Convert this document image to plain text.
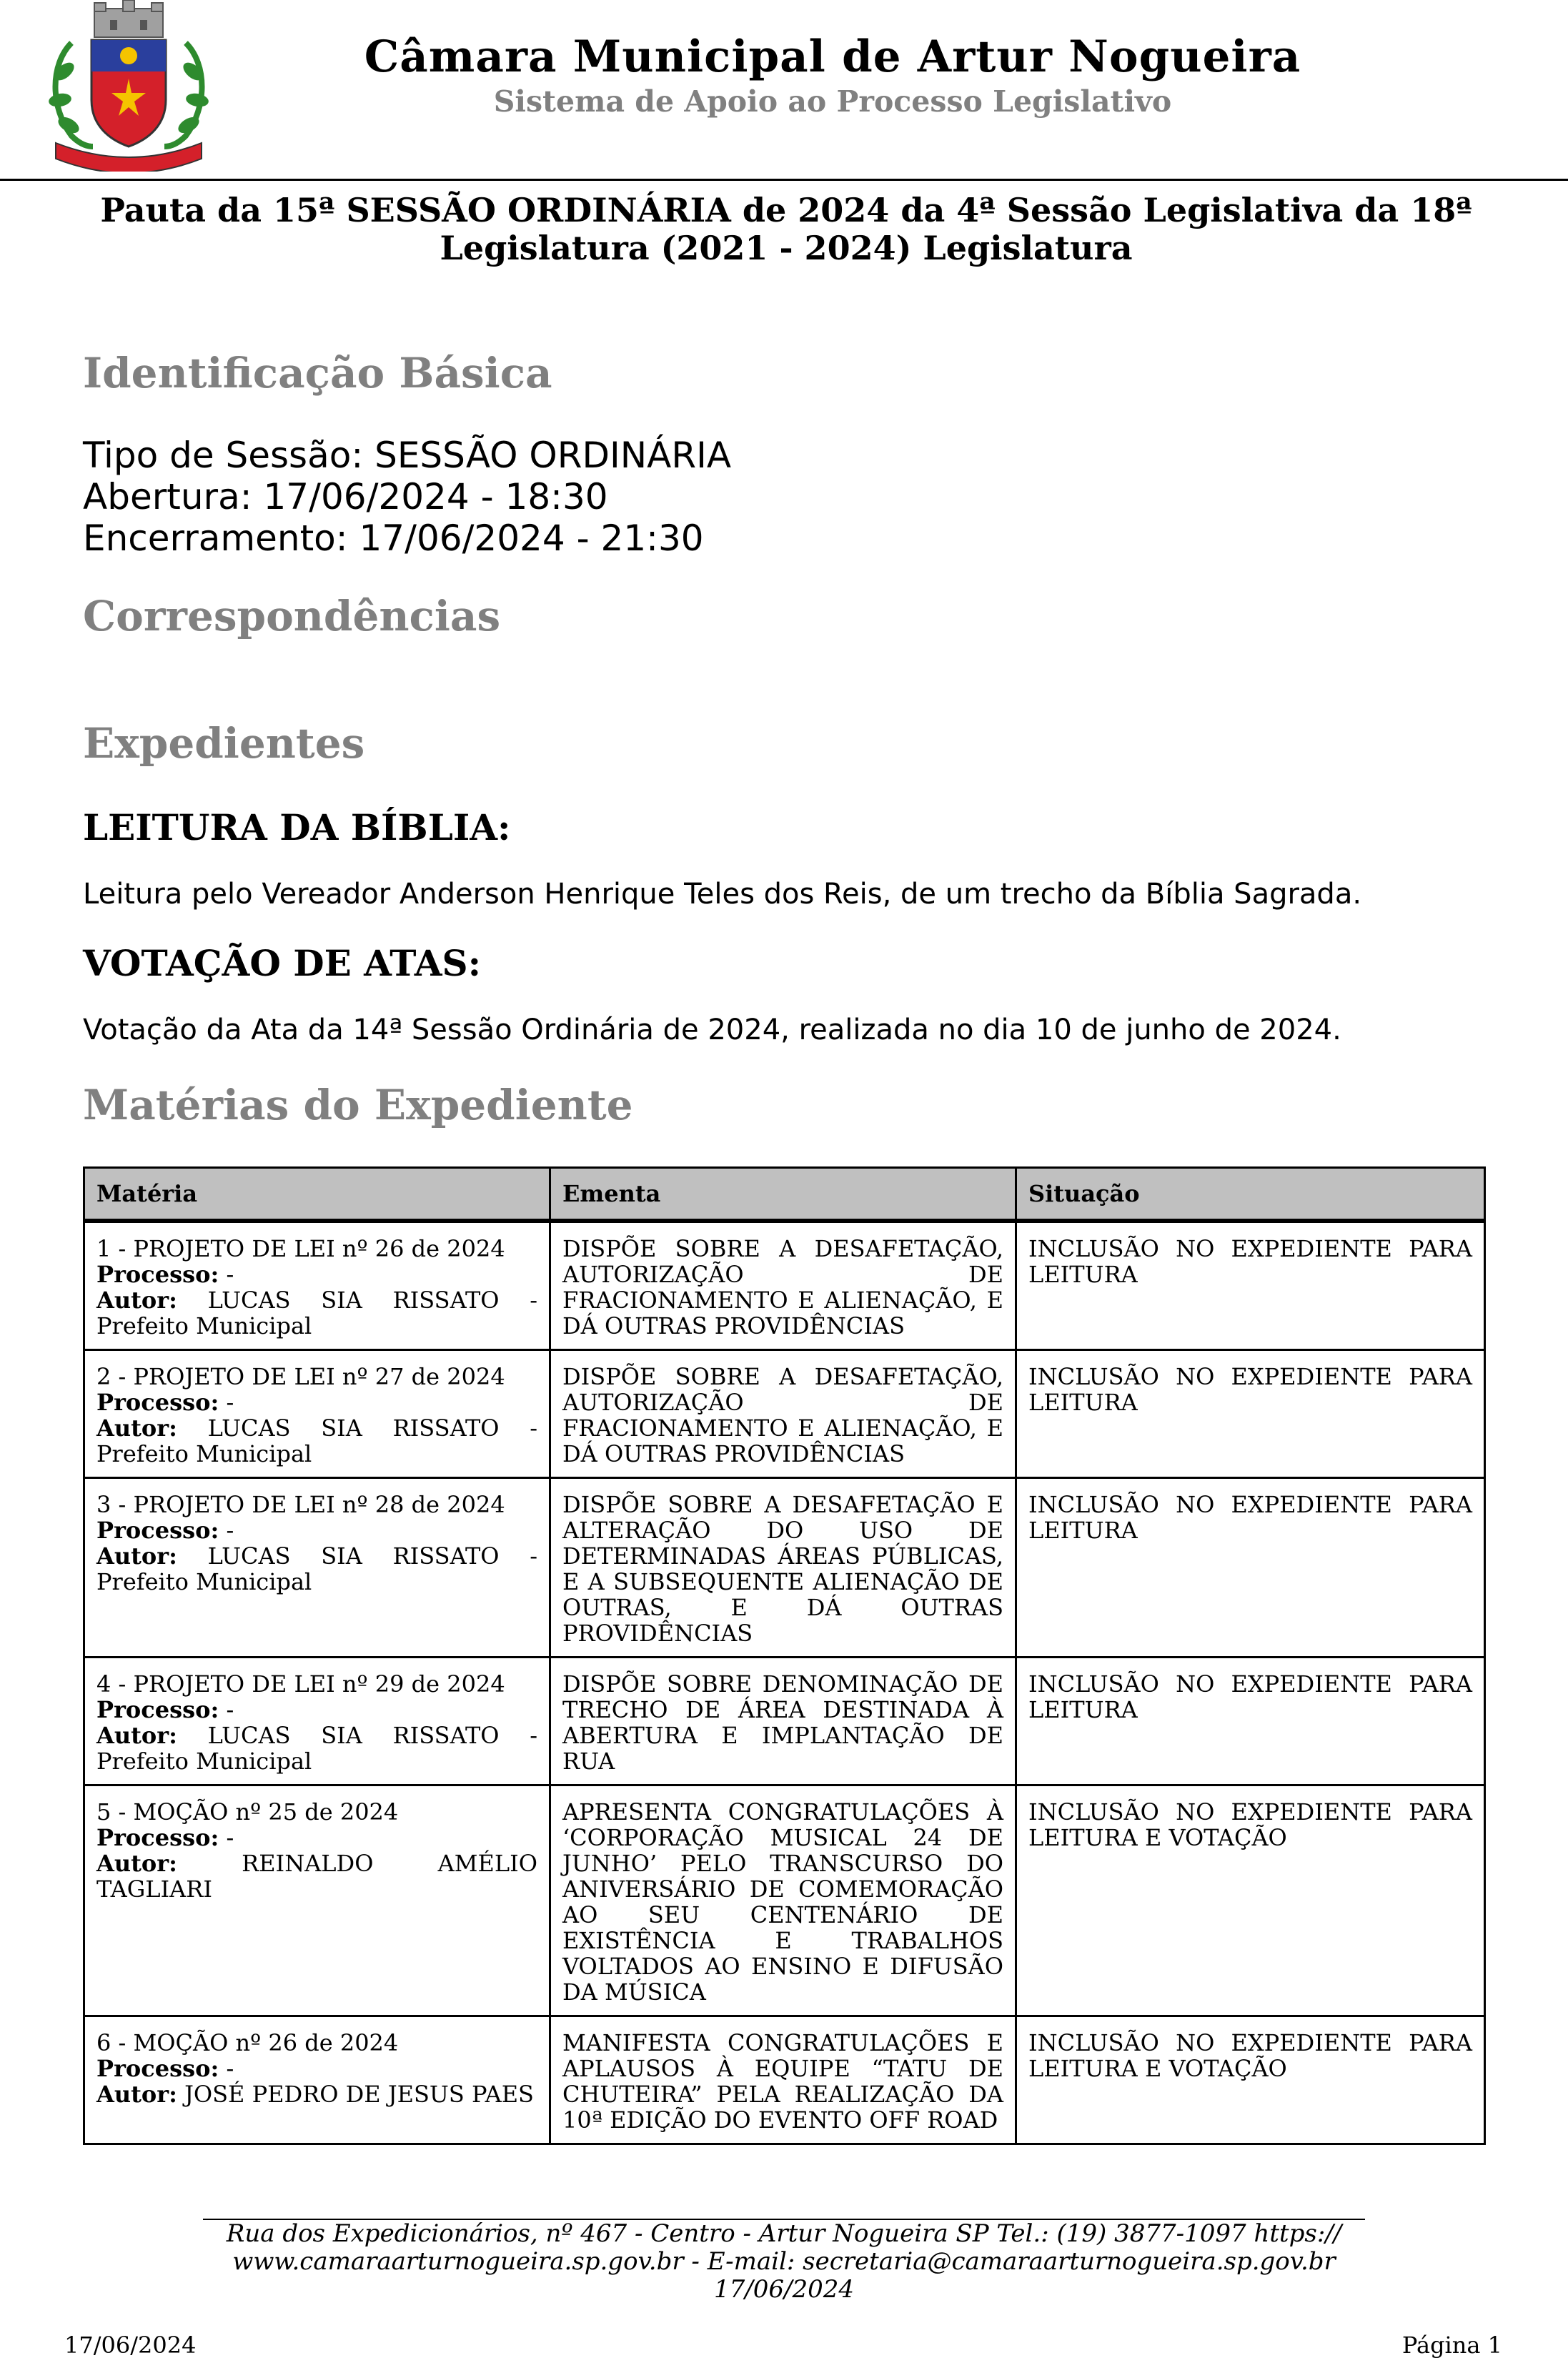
Câmara Municipal de Artur Nogueira
Sistema de Apoio ao Processo Legislativo
Pauta da 15ª SESSÃO ORDINÁRIA de 2024 da 4ª Sessão Legislativa da 18ª
Legislatura (2021 - 2024) Legislatura
Identificação Básica
Tipo de Sessão: SESSÃO ORDINÁRIA
Abertura: 17/06/2024 - 18:30
Encerramento: 17/06/2024 - 21:30
Correspondências
Expedientes
LEITURA DA BÍBLIA:
Leitura pelo Vereador Anderson Henrique Teles dos Reis, de um trecho da Bíblia Sagrada.
VOTAÇÃO DE ATAS:
Votação da Ata da 14ª Sessão Ordinária de 2024, realizada no dia 10 de junho de 2024.
Matérias do Expediente
Matéria	Ementa	Situação

1 - PROJETO DE LEI nº 26 de 2024
Processo: -
Autor: LUCAS SIA RISSATO - Prefeito Municipal	DISPÕE SOBRE A DESAFETAÇÃO, AUTORIZAÇÃO DE FRACIONAMENTO E ALIENAÇÃO, E DÁ OUTRAS PROVIDÊNCIAS	INCLUSÃO NO EXPEDIENTE PARA LEITURA

2 - PROJETO DE LEI nº 27 de 2024
Processo: -
Autor: LUCAS SIA RISSATO - Prefeito Municipal	DISPÕE SOBRE A DESAFETAÇÃO, AUTORIZAÇÃO DE FRACIONAMENTO E ALIENAÇÃO, E DÁ OUTRAS PROVIDÊNCIAS	INCLUSÃO NO EXPEDIENTE PARA LEITURA

3 - PROJETO DE LEI nº 28 de 2024
Processo: -
Autor: LUCAS SIA RISSATO - Prefeito Municipal	DISPÕE SOBRE A DESAFETAÇÃO E ALTERAÇÃO DO USO DE DETERMINADAS ÁREAS PÚBLICAS, E A SUBSEQUENTE ALIENAÇÃO DE OUTRAS, E DÁ OUTRAS PROVIDÊNCIAS	INCLUSÃO NO EXPEDIENTE PARA LEITURA

4 - PROJETO DE LEI nº 29 de 2024
Processo: -
Autor: LUCAS SIA RISSATO - Prefeito Municipal	DISPÕE SOBRE DENOMINAÇÃO DE TRECHO DE ÁREA DESTINADA À ABERTURA E IMPLANTAÇÃO DE RUA	INCLUSÃO NO EXPEDIENTE PARA LEITURA

5 - MOÇÃO nº 25 de 2024
Processo: -
Autor: REINALDO AMÉLIO TAGLIARI	APRESENTA CONGRATULAÇÕES À ‘CORPORAÇÃO MUSICAL 24 DE JUNHO’ PELO TRANSCURSO DO ANIVERSÁRIO DE COMEMORAÇÃO AO SEU CENTENÁRIO DE EXISTÊNCIA E TRABALHOS VOLTADOS AO ENSINO E DIFUSÃO DA MÚSICA	INCLUSÃO NO EXPEDIENTE PARA LEITURA E VOTAÇÃO

6 - MOÇÃO nº 26 de 2024
Processo: -
Autor: JOSÉ PEDRO DE JESUS PAES	MANIFESTA CONGRATULAÇÕES E APLAUSOS À EQUIPE “TATU DE CHUTEIRA” PELA REALIZAÇÃO DA 10ª EDIÇÃO DO EVENTO OFF ROAD	INCLUSÃO NO EXPEDIENTE PARA LEITURA E VOTAÇÃO
Rua dos Expedicionários, nº 467 - Centro - Artur Nogueira SP Tel.: (19) 3877-1097 https://
www.camaraarturnogueira.sp.gov.br - E-mail: secretaria@camaraarturnogueira.sp.gov.br
17/06/2024
17/06/2024	Página 1
